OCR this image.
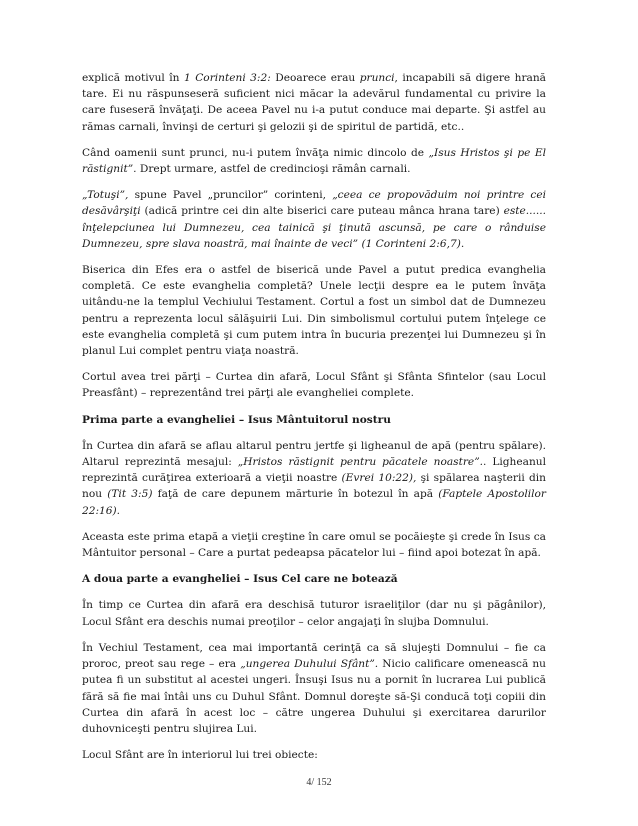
explică motivul în 1 Corinteni 3:2: Deoarece erau prunci, incapabili să digere hrană tare. Ei nu răspunseseră suficient nici măcar la adevărul fundamental cu privire la care fuseseră învăţaţi. De aceea Pavel nu i-a putut conduce mai departe. Şi astfel au rămas carnali, învinşi de certuri şi gelozii şi de spiritul de partidă, etc..

Când oamenii sunt prunci, nu-i putem învăţa nimic dincolo de „Isus Hristos şi pe El răstignit”. Drept urmare, astfel de credincioşi rămân carnali.

„Totuşi”, spune Pavel „pruncilor” corinteni, „ceea ce propovăduim noi printre cei desăvârşiţi (adică printre cei din alte biserici care puteau mânca hrana tare) este...... înţelepciunea lui Dumnezeu, cea tainică şi ţinută ascunsă, pe care o rânduise Dumnezeu, spre slava noastră, mai înainte de veci” (1 Corinteni 2:6,7).

Biserica din Efes era o astfel de biserică unde Pavel a putut predica evanghelia completă. Ce este evanghelia completă? Unele lecţii despre ea le putem învăţa uitându-ne la templul Vechiului Testament. Cortul a fost un simbol dat de Dumnezeu pentru a reprezenta locul sălăşuirii Lui. Din simbolismul cortului putem înţelege ce este evanghelia completă şi cum putem intra în bucuria prezenţei lui Dumnezeu şi în planul Lui complet pentru viaţa noastră.

Cortul avea trei părţi – Curtea din afară, Locul Sfânt şi Sfânta Sfintelor (sau Locul Preasfânt) – reprezentând trei părţi ale evangheliei complete.

Prima parte a evangheliei – Isus Mântuitorul nostru

În Curtea din afară se aflau altarul pentru jertfe şi ligheanul de apă (pentru spălare). Altarul reprezintă mesajul: „Hristos răstignit pentru păcatele noastre”.. Ligheanul reprezintă curăţirea exterioară a vieţii noastre (Evrei 10:22), şi spălarea naşterii din nou (Tit 3:5) faţă de care depunem mărturie în botezul în apă (Faptele Apostolilor 22:16).

Aceasta este prima etapă a vieţii creştine în care omul se pocăieşte şi crede în Isus ca Mântuitor personal – Care a purtat pedeapsa păcatelor lui – fiind apoi botezat în apă.

A doua parte a evangheliei – Isus Cel care ne botează

În timp ce Curtea din afară era deschisă tuturor israeliţilor (dar nu şi păgânilor), Locul Sfânt era deschis numai preoţilor – celor angajaţi în slujba Domnului.

În Vechiul Testament, cea mai importantă cerinţă ca să slujeşti Domnului – fie ca proroc, preot sau rege – era „ungerea Duhului Sfânt”. Nicio calificare omenească nu putea fi un substitut al acestei ungeri. Însuşi Isus nu a pornit în lucrarea Lui publică fără să fie mai întâi uns cu Duhul Sfânt. Domnul doreşte să-Şi conducă toţi copiii din Curtea din afară în acest loc – către ungerea Duhului şi exercitarea darurilor duhovniceşti pentru slujirea Lui.

Locul Sfânt are în interiorul lui trei obiecte:

4/ 152
